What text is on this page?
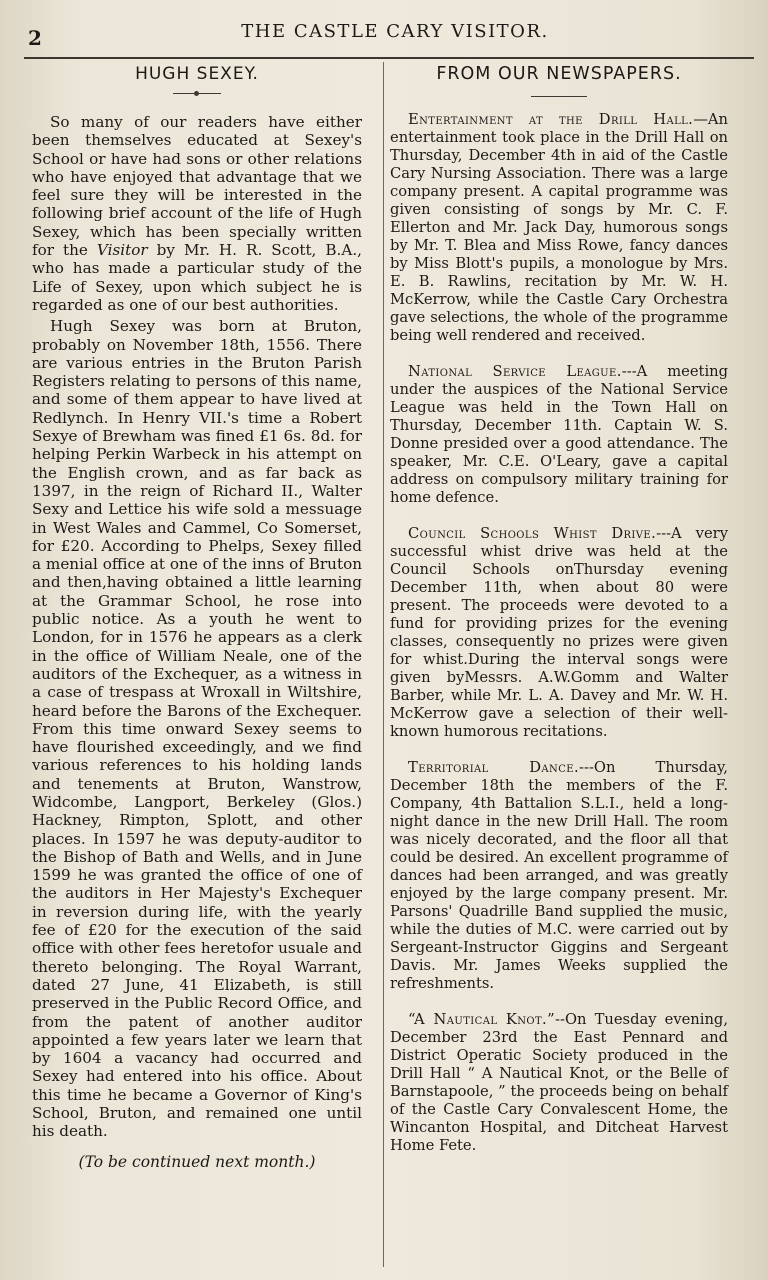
2	THE CASTLE CARY VISITOR.
HUGH SEXEY.

So many of our readers have either been themselves educated at Sexey's School or have had sons or other relations who have enjoyed that advantage that we feel sure they will be interested in the following brief account of the life of Hugh Sexey, which has been specially written for the Visitor by Mr. H. R. Scott, B.A., who has made a particular study of the Life of Sexey, upon which subject he is regarded as one of our best authorities.

Hugh Sexey was born at Bruton, probably on November 18th, 1556. There are various entries in the Bruton Parish Registers relating to persons of this name, and some of them appear to have lived at Redlynch. In Henry VII.'s time a Robert Sexye of Brewham was fined £1 6s. 8d. for helping Perkin Warbeck in his attempt on the English crown, and as far back as 1397, in the reign of Richard II., Walter Sexy and Lettice his wife sold a messuage in West Wales and Cammel, Co Somerset, for £20. According to Phelps, Sexey filled a menial office at one of the inns of Bruton and then,having obtained a little learning at the Grammar School, he rose into public notice. As a youth he went to London, for in 1576 he appears as a clerk in the office of William Neale, one of the auditors of the Exchequer, as a witness in a case of trespass at Wroxall in Wiltshire, heard before the Barons of the Exchequer. From this time onward Sexey seems to have flourished exceedingly, and we find various references to his holding lands and tenements at Bruton, Wanstrow, Widcombe, Langport, Berkeley (Glos.) Hackney, Rimpton, Splott, and other places. In 1597 he was deputy-auditor to the Bishop of Bath and Wells, and in June 1599 he was granted the office of one of the auditors in Her Majesty's Exchequer in reversion during life, with the yearly fee of £20 for the execution of the said office with other fees heretofor usuale and thereto belonging. The Royal Warrant, dated 27 June, 41 Elizabeth, is still preserved in the Public Record Office, and from the patent of another auditor appointed a few years later we learn that by 1604 a vacancy had occurred and Sexey had entered into his office. About this time he became a Governor of King's School, Bruton, and remained one until his death.

(To be continued next month.)
FROM OUR NEWSPAPERS.

Entertainment at the Drill Hall.—An entertainment took place in the Drill Hall on Thursday, December 4th in aid of the Castle Cary Nursing Association. There was a large company present. A capital programme was given consisting of songs by Mr. C. F. Ellerton and Mr. Jack Day, humorous songs by Mr. T. Blea and Miss Rowe, fancy dances by Miss Blott's pupils, a monologue by Mrs. E. B. Rawlins, recitation by Mr. W. H. McKerrow, while the Castle Cary Orchestra gave selections, the whole of the programme being well rendered and received.

National Service League.---A meeting under the auspices of the National Service League was held in the Town Hall on Thursday, December 11th. Captain W. S. Donne presided over a good attendance. The speaker, Mr. C.E. O'Leary, gave a capital address on compulsory military training for home defence.

Council Schools Whist Drive.---A very successful whist drive was held at the Council Schools onThursday evening December 11th, when about 80 were present. The proceeds were devoted to a fund for providing prizes for the evening classes, consequently no prizes were given for whist.During the interval songs were given byMessrs. A.W.Gomm and Walter Barber, while Mr. L. A. Davey and Mr. W. H. McKerrow gave a selection of their well-known humorous recitations.

Territorial Dance.---On Thursday, December 18th the members of the F. Company, 4th Battalion S.L.I., held a long-night dance in the new Drill Hall. The room was nicely decorated, and the floor all that could be desired. An excellent programme of dances had been arranged, and was greatly enjoyed by the large company present. Mr. Parsons' Quadrille Band supplied the music, while the duties of M.C. were carried out by Sergeant-Instructor Giggins and Sergeant Davis. Mr. James Weeks supplied the refreshments.

“A Nautical Knot.”--On Tuesday evening, December 23rd the East Pennard and District Operatic Society produced in the Drill Hall “ A Nautical Knot, or the Belle of Barnstapoole, ” the proceeds being on behalf of the Castle Cary Convalescent Home, the Wincanton Hospital, and Ditcheat Harvest Home Fete.
